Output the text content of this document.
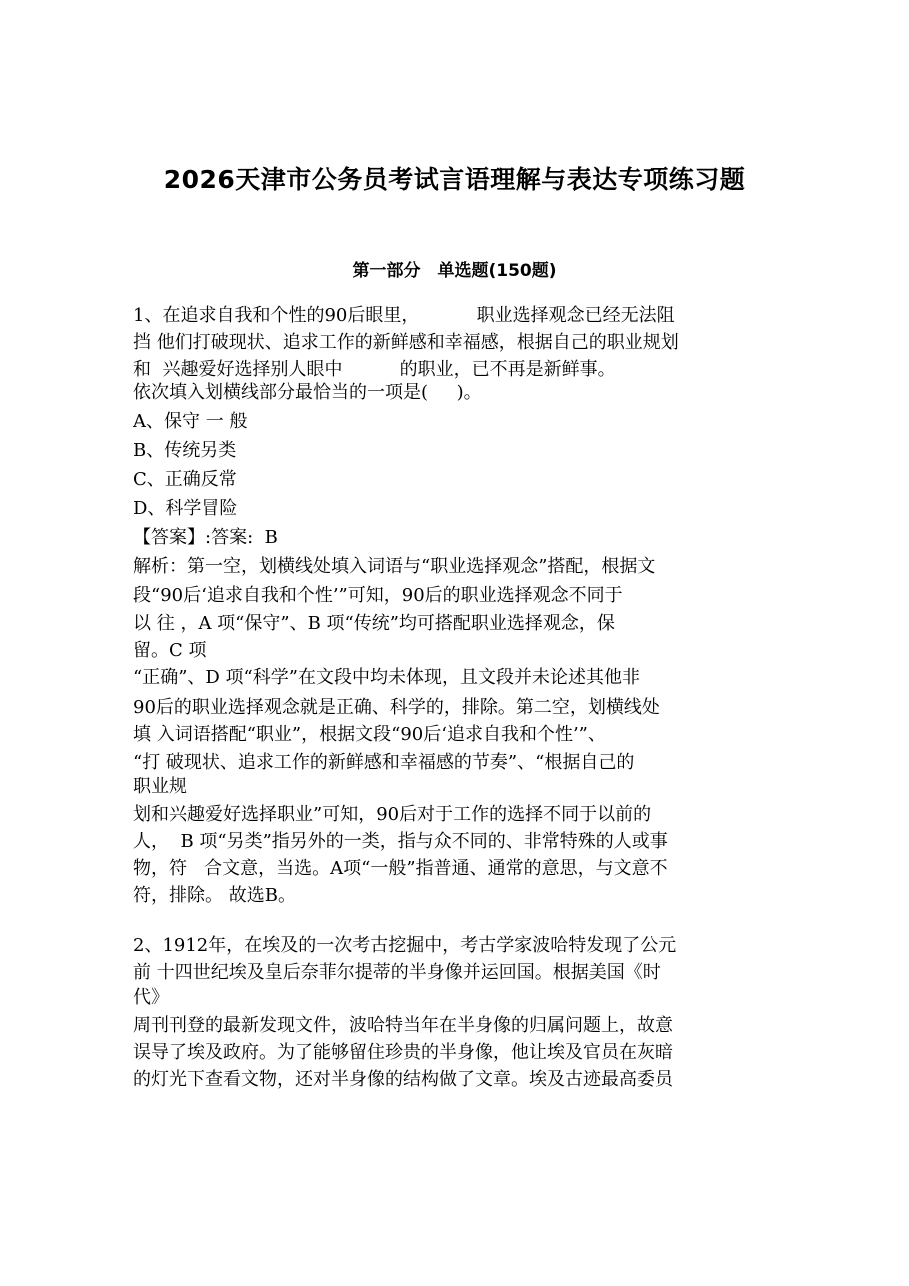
2026天津市公务员考试言语理解与表达专项练习题
第一部分　单选题(150题)
1、在追求自我和个性的90后眼里，          职业选择观念已经无法阻
挡 他们打破现状、追求工作的新鲜感和幸福感，根据自己的职业规划
和  兴趣爱好选择别人眼中          的职业，已不再是新鲜事。
依次填入划横线部分最恰当的一项是(     )。
A、保守 一 般
B、传统另类
C、正确反常
D、科学冒险
【答案】:答案:  B
解析：第一空，划横线处填入词语与“职业选择观念”搭配，根据文
段“90后‘追求自我和个性’”可知，90后的职业选择观念不同于
以 往 ，A 项“保守”、B 项“传统”均可搭配职业选择观念，保
留。C 项
“正确”、D 项“科学”在文段中均未体现，且文段并未论述其他非
90后的职业选择观念就是正确、科学的，排除。第二空，划横线处
填 入词语搭配“职业”，根据文段“90后‘追求自我和个性’”、
“打 破现状、追求工作的新鲜感和幸福感的节奏”、“根据自己的
职业规
划和兴趣爱好选择职业”可知，90后对于工作的选择不同于以前的
人，  B 项“另类”指另外的一类，指与众不同的、非常特殊的人或事
物，符   合文意，当选。A项“一般”指普通、通常的意思，与文意不
符，排除。 故选B。
2、1912年，在埃及的一次考古挖掘中，考古学家波哈特发现了公元
前 十四世纪埃及皇后奈菲尔提蒂的半身像并运回国。根据美国《时
代》
周刊刊登的最新发现文件，波哈特当年在半身像的归属问题上，故意
误导了埃及政府。为了能够留住珍贵的半身像，他让埃及官员在灰暗
的灯光下查看文物，还对半身像的结构做了文章。埃及古迹最高委员
